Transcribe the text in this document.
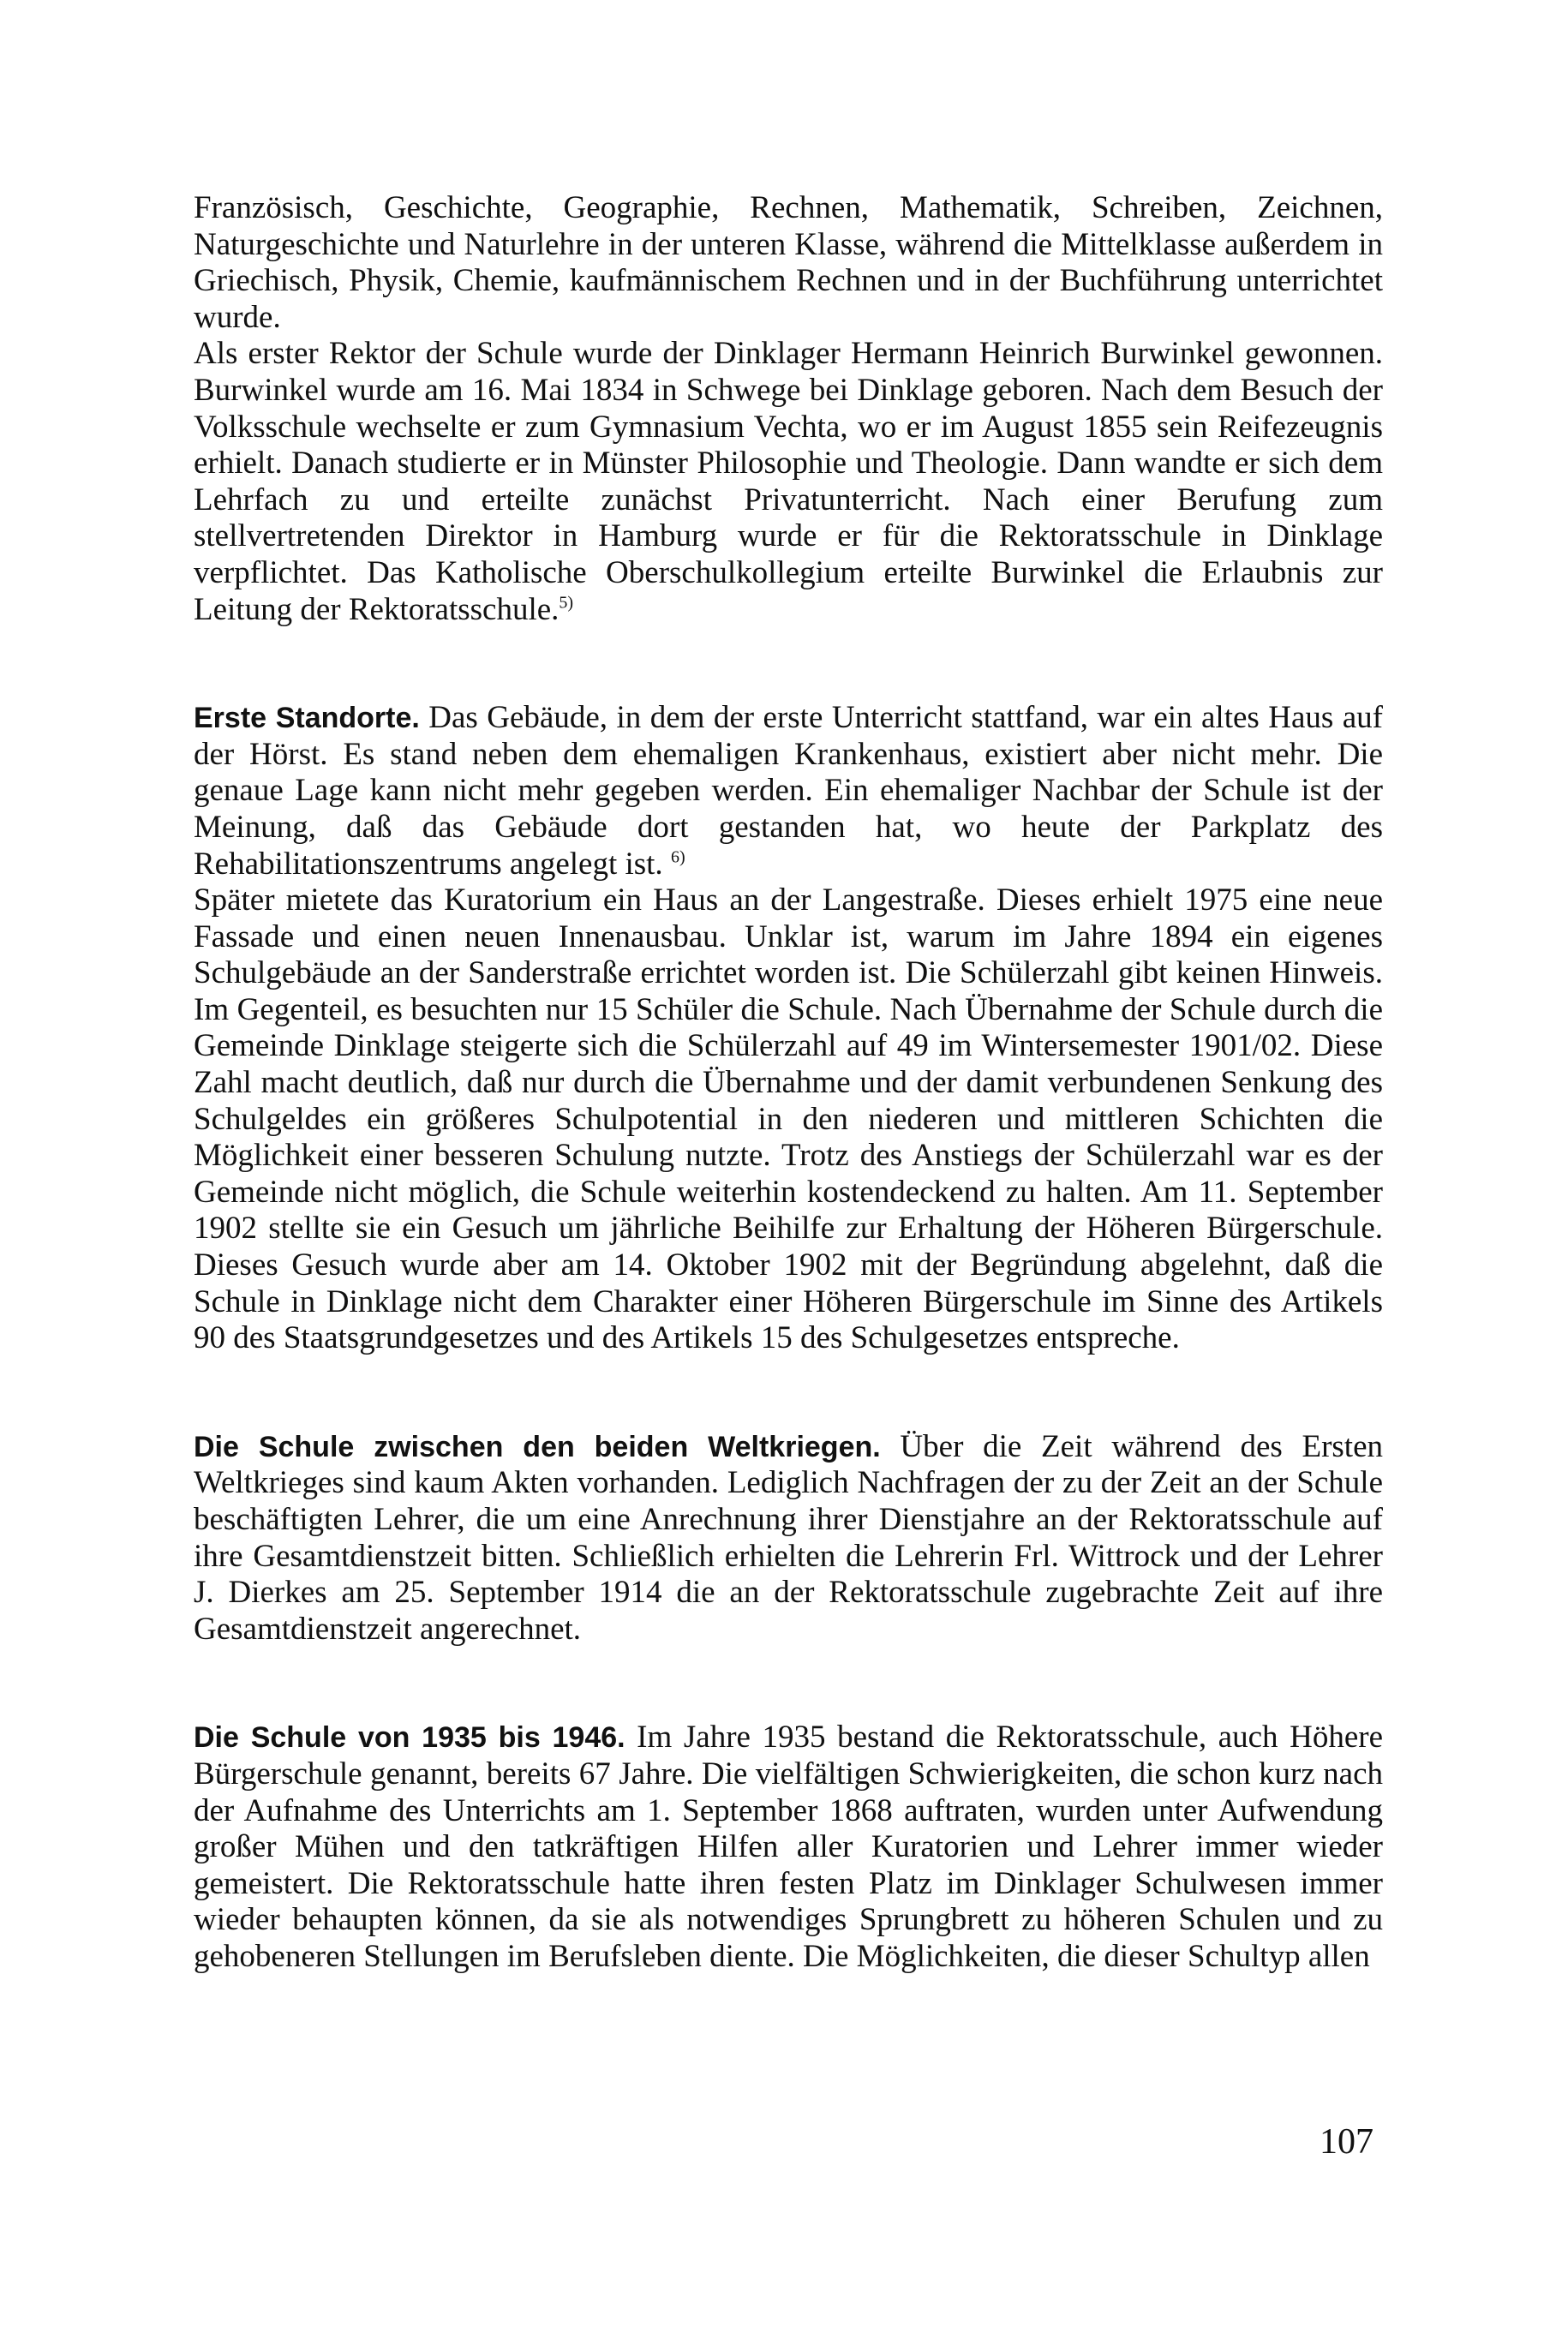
Französisch, Geschichte, Geographie, Rechnen, Mathematik, Schreiben, Zeichnen, Naturgeschichte und Naturlehre in der unteren Klasse, während die Mittelklasse außerdem in Griechisch, Physik, Chemie, kaufmännischem Rechnen und in der Buchführung unterrichtet wurde.

Als erster Rektor der Schule wurde der Dinklager Hermann Heinrich Burwinkel gewonnen. Burwinkel wurde am 16. Mai 1834 in Schwege bei Dinklage geboren. Nach dem Besuch der Volksschule wechselte er zum Gymnasium Vechta, wo er im August 1855 sein Reifezeugnis erhielt. Danach studierte er in Münster Philosophie und Theologie. Dann wandte er sich dem Lehrfach zu und erteilte zunächst Privatunterricht. Nach einer Berufung zum stellvertretenden Direktor in Hamburg wurde er für die Rektoratsschule in Dinklage verpflichtet. Das Katholische Oberschulkollegium erteilte Burwinkel die Erlaubnis zur Leitung der Rektoratsschule.$^{5)}$

Erste Standorte. Das Gebäude, in dem der erste Unterricht stattfand, war ein altes Haus auf der Hörst. Es stand neben dem ehemaligen Krankenhaus, existiert aber nicht mehr. Die genaue Lage kann nicht mehr gegeben werden. Ein ehemaliger Nachbar der Schule ist der Meinung, daß das Gebäude dort gestanden hat, wo heute der Parkplatz des Rehabilitationszentrums angelegt ist. $^{6)}$

Später mietete das Kuratorium ein Haus an der Langestraße. Dieses erhielt 1975 eine neue Fassade und einen neuen Innenausbau. Unklar ist, warum im Jahre 1894 ein eigenes Schulgebäude an der Sanderstraße errichtet worden ist. Die Schülerzahl gibt keinen Hinweis. Im Gegenteil, es besuchten nur 15 Schüler die Schule. Nach Übernahme der Schule durch die Gemeinde Dinklage steigerte sich die Schülerzahl auf 49 im Wintersemester 1901/02. Diese Zahl macht deutlich, daß nur durch die Übernahme und der damit verbundenen Senkung des Schulgeldes ein größeres Schulpotential in den niederen und mittleren Schichten die Möglichkeit einer besseren Schulung nutzte. Trotz des Anstiegs der Schülerzahl war es der Gemeinde nicht möglich, die Schule weiterhin kostendeckend zu halten. Am 11. September 1902 stellte sie ein Gesuch um jährliche Beihilfe zur Erhaltung der Höheren Bürgerschule. Dieses Gesuch wurde aber am 14. Oktober 1902 mit der Begründung abgelehnt, daß die Schule in Dinklage nicht dem Charakter einer Höheren Bürgerschule im Sinne des Artikels 90 des Staatsgrundgesetzes und des Artikels 15 des Schulgesetzes entspreche.

Die Schule zwischen den beiden Weltkriegen. Über die Zeit während des Ersten Weltkrieges sind kaum Akten vorhanden. Lediglich Nachfragen der zu der Zeit an der Schule beschäftigten Lehrer, die um eine Anrechnung ihrer Dienstjahre an der Rektoratsschule auf ihre Gesamtdienstzeit bitten. Schließlich erhielten die Lehrerin Frl. Wittrock und der Lehrer J. Dierkes am 25. September 1914 die an der Rektoratsschule zugebrachte Zeit auf ihre Gesamtdienstzeit angerechnet.

Die Schule von 1935 bis 1946. Im Jahre 1935 bestand die Rektoratsschule, auch Höhere Bürgerschule genannt, bereits 67 Jahre. Die vielfältigen Schwierigkeiten, die schon kurz nach der Aufnahme des Unterrichts am 1. September 1868 auftraten, wurden unter Aufwendung großer Mühen und den tatkräftigen Hilfen aller Kuratorien und Lehrer immer wieder gemeistert. Die Rektoratsschule hatte ihren festen Platz im Dinklager Schulwesen immer wieder behaupten können, da sie als notwendiges Sprungbrett zu höheren Schulen und zu gehobeneren Stellungen im Berufsleben diente. Die Möglichkeiten, die dieser Schultyp allen

107
